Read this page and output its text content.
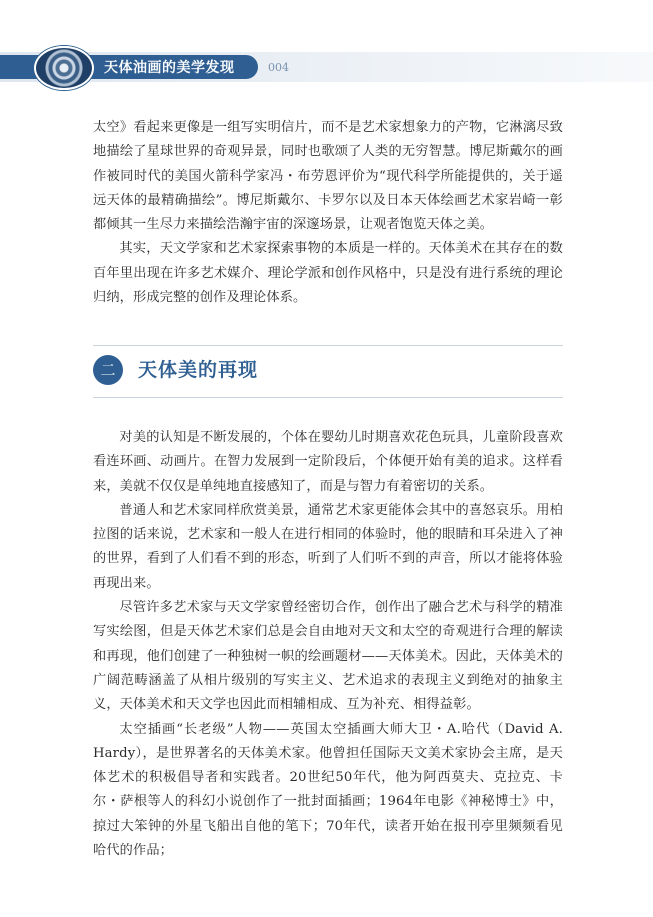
天体油画的美学发现	004

太空》看起来更像是一组写实明信片，而不是艺术家想象力的产物，它淋漓尽致地描绘了星球世界的奇观异景，同时也歌颂了人类的无穷智慧。博尼斯戴尔的画作被同时代的美国火箭科学家冯・布劳恩评价为“现代科学所能提供的，关于遥远天体的最精确描绘”。博尼斯戴尔、卡罗尔以及日本天体绘画艺术家岩崎一彰都倾其一生尽力来描绘浩瀚宇宙的深邃场景，让观者饱览天体之美。

其实，天文学家和艺术家探索事物的本质是一样的。天体美术在其存在的数百年里出现在许多艺术媒介、理论学派和创作风格中，只是没有进行系统的理论归纳，形成完整的创作及理论体系。

二	天体美的再现

对美的认知是不断发展的，个体在婴幼儿时期喜欢花色玩具，儿童阶段喜欢看连环画、动画片。在智力发展到一定阶段后，个体便开始有美的追求。这样看来，美就不仅仅是单纯地直接感知了，而是与智力有着密切的关系。

普通人和艺术家同样欣赏美景，通常艺术家更能体会其中的喜怒哀乐。用柏拉图的话来说，艺术家和一般人在进行相同的体验时，他的眼睛和耳朵进入了神的世界，看到了人们看不到的形态，听到了人们听不到的声音，所以才能将体验再现出来。

尽管许多艺术家与天文学家曾经密切合作，创作出了融合艺术与科学的精准写实绘图，但是天体艺术家们总是会自由地对天文和太空的奇观进行合理的解读和再现，他们创建了一种独树一帜的绘画题材——天体美术。因此，天体美术的广阔范畴涵盖了从相片级别的写实主义、艺术追求的表现主义到绝对的抽象主义，天体美术和天文学也因此而相辅相成、互为补充、相得益彰。

太空插画“长老级”人物——英国太空插画大师大卫・A.哈代（David A. Hardy），是世界著名的天体美术家。他曾担任国际天文美术家协会主席，是天体艺术的积极倡导者和实践者。20世纪50年代，他为阿西莫夫、克拉克、卡尔・萨根等人的科幻小说创作了一批封面插画；1964年电影《神秘博士》中，掠过大笨钟的外星飞船出自他的笔下；70年代，读者开始在报刊亭里频频看见哈代的作品；
